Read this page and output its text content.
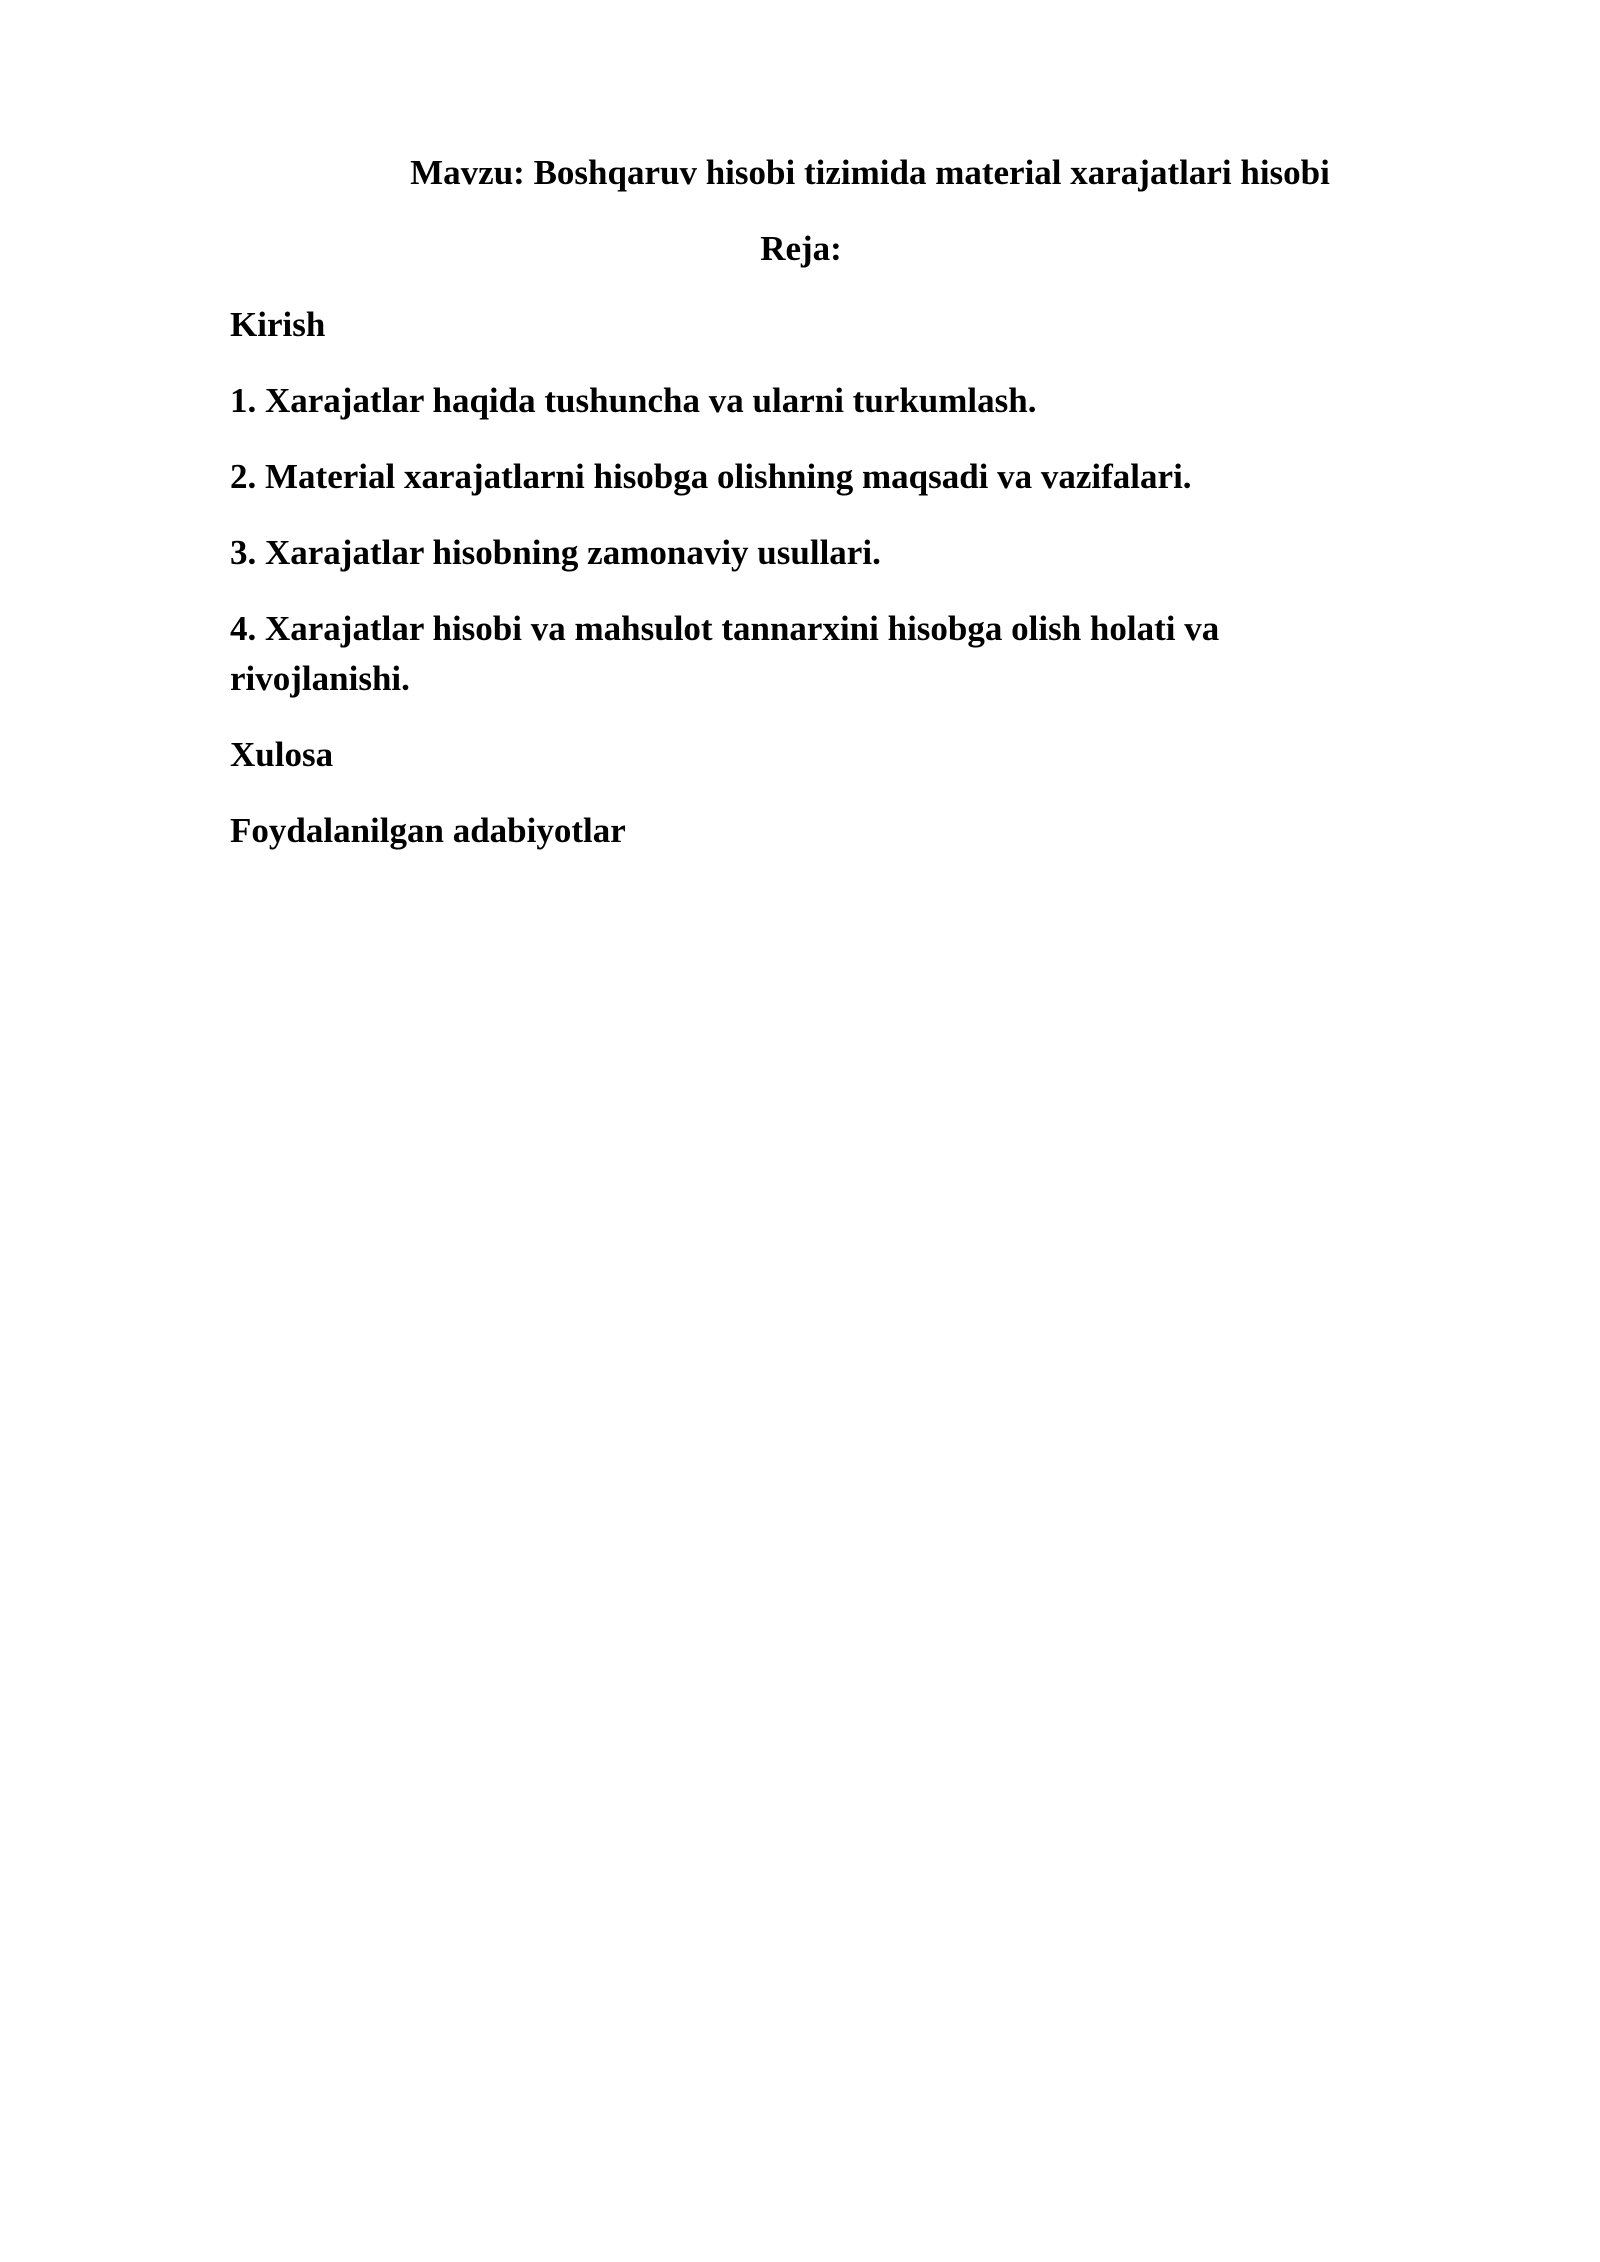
Mavzu: Boshqaruv hisobi tizimida material xarajatlari hisobi
Reja:
Kirish
1. Xarajatlar haqida tushuncha va ularni turkumlash.
2. Material xarajatlarni hisobga olishning maqsadi va vazifalari.
3. Xarajatlar hisobning zamonaviy usullari.
4. Xarajatlar hisobi va mahsulot tannarxini hisobga olish holati va rivojlanishi.
Xulosa
Foydalanilgan adabiyotlar
